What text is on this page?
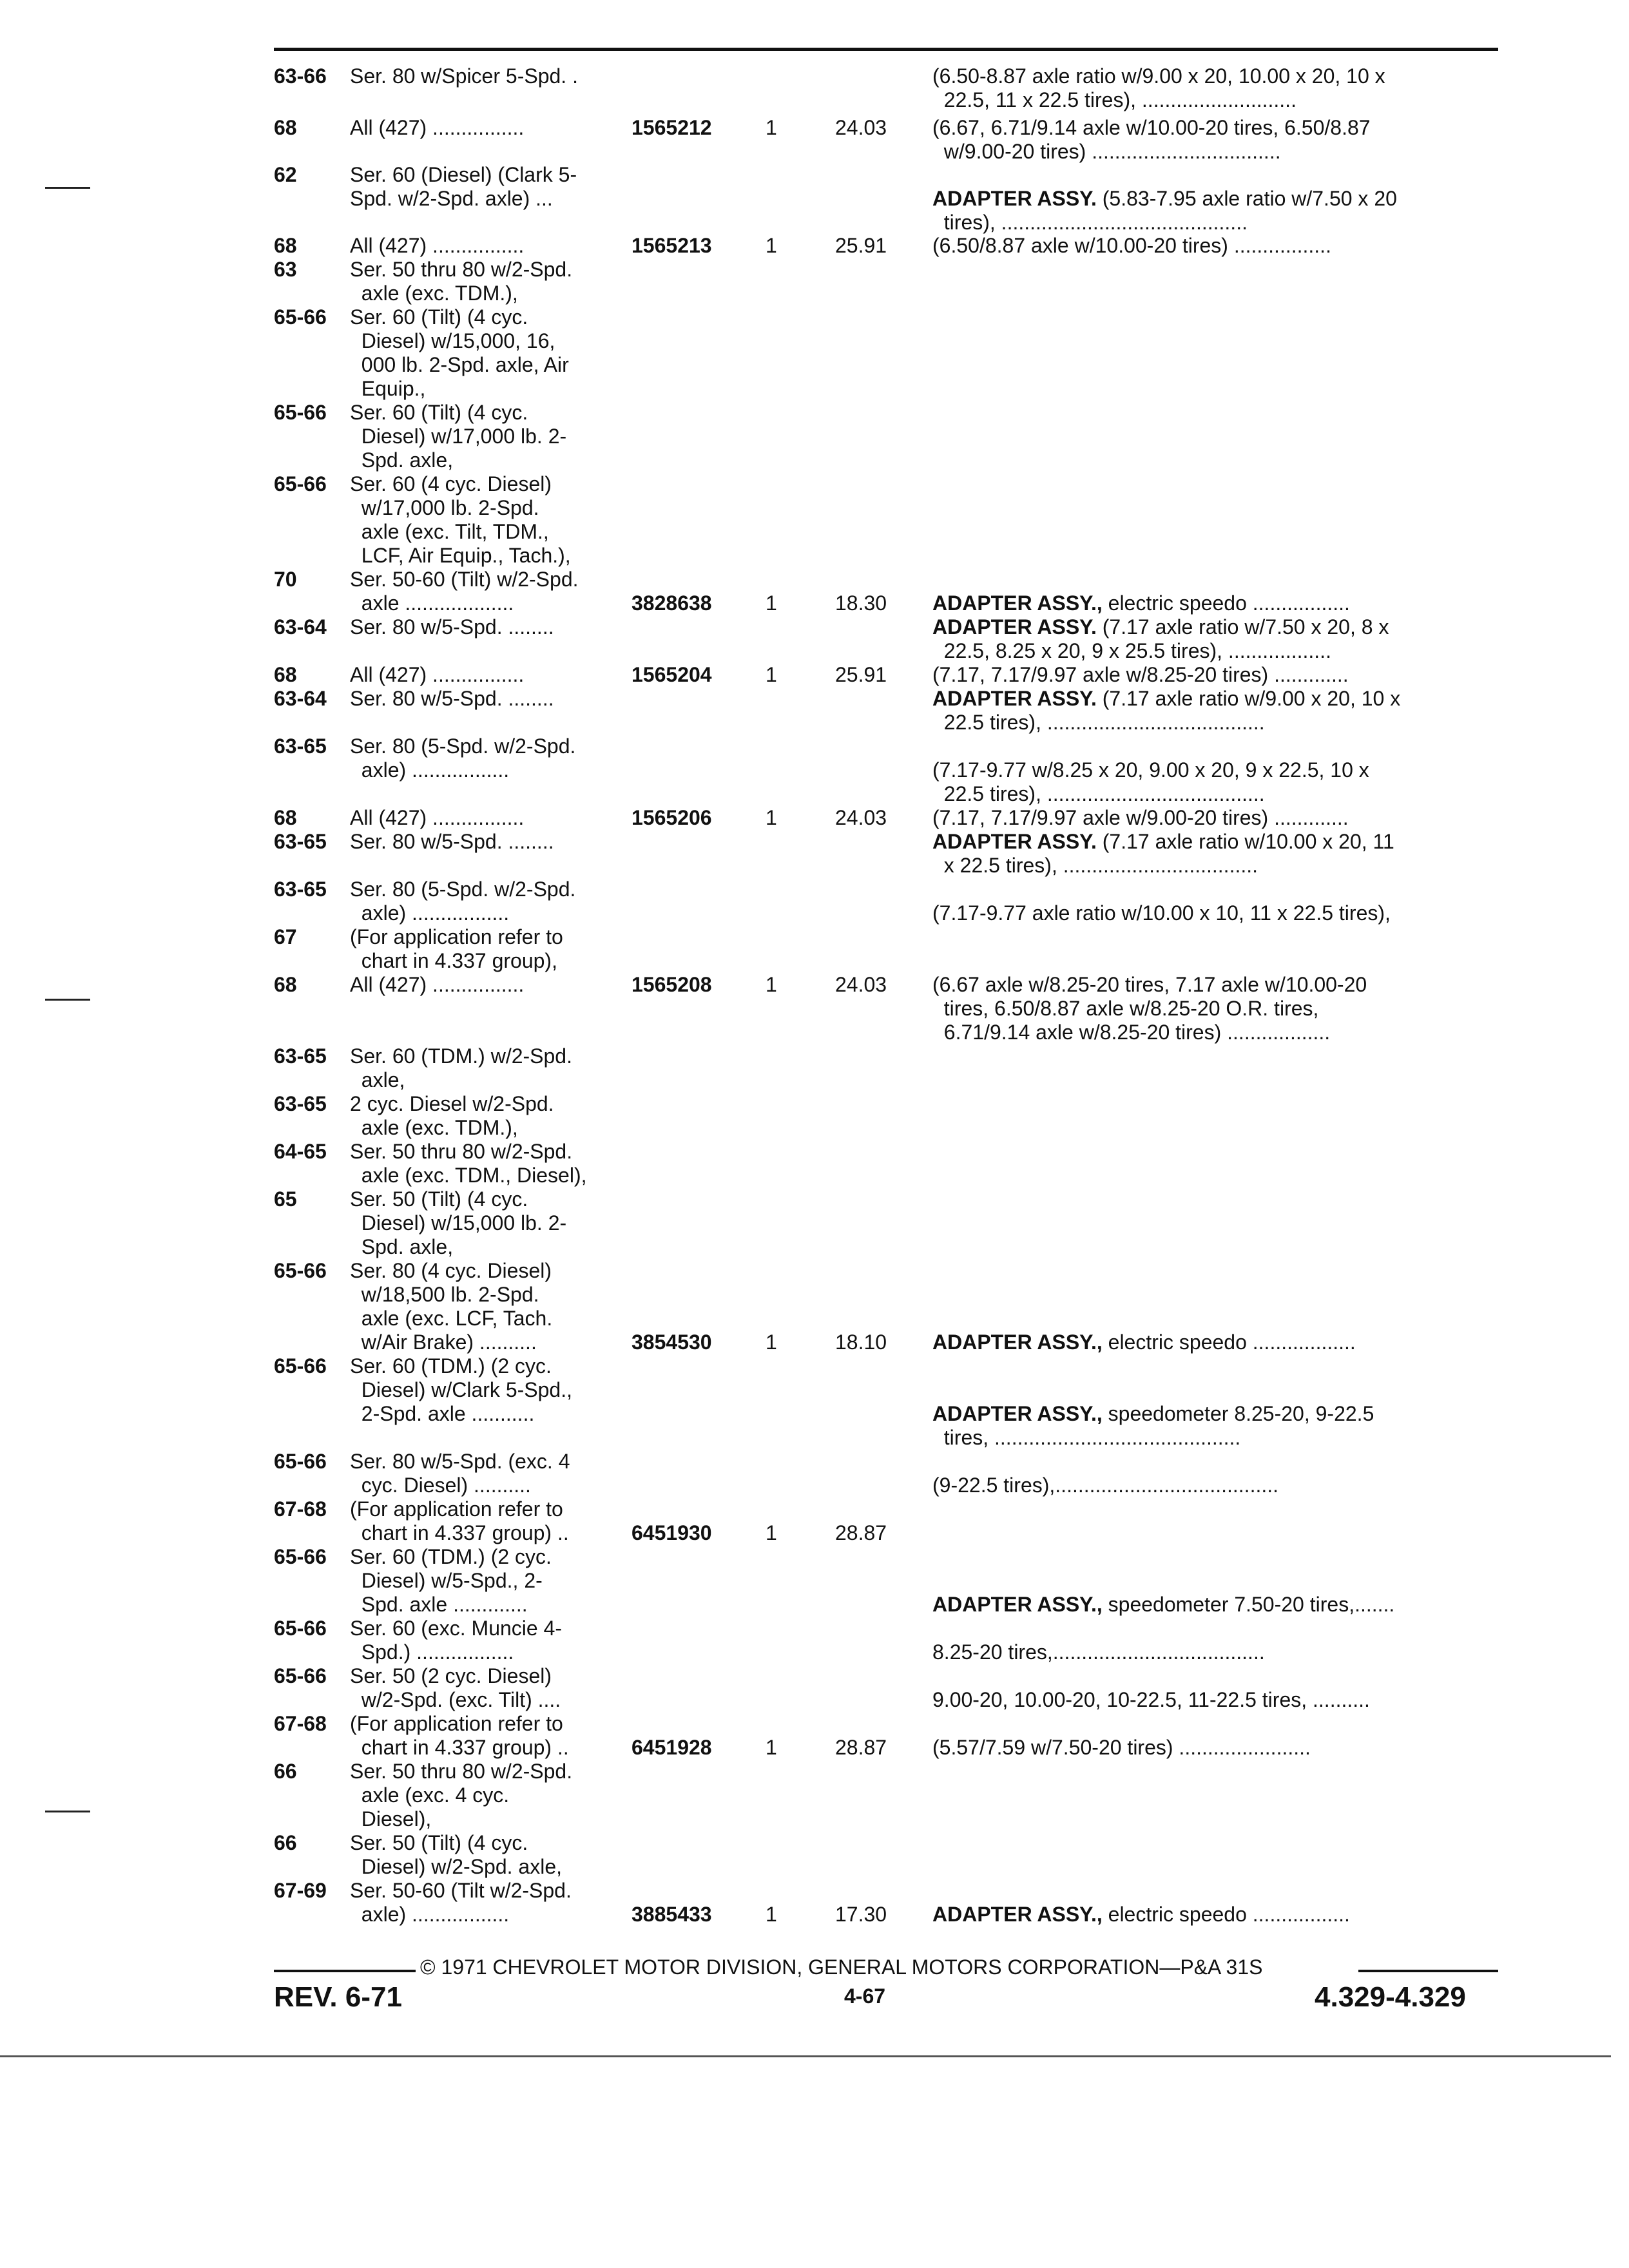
63-66 Ser. 80 w/Spicer 5-Spd. .	(6.50-8.87 axle ratio w/9.00 x 20, 10.00 x 20, 10 x
22.5, 11 x 22.5 tires), ...........................
68	All (427) ................	1565212	1	24.03 (6.67, 6.71/9.14 axle w/10.00-20 tires, 6.50/8.87
w/9.00-20 tires) .................................
62	Ser. 60 (Diesel) (Clark 5-
Spd. w/2-Spd. axle) ...	ADAPTER ASSY. (5.83-7.95 axle ratio w/7.50 x 20
tires), ...........................................
68	All (427) ................	1565213	1	25.91 (6.50/8.87 axle w/10.00-20 tires) .................
63	Ser. 50 thru 80 w/2-Spd.
axle (exc. TDM.),
65-66 Ser. 60 (Tilt) (4 cyc.
Diesel) w/15,000, 16,
000 lb. 2-Spd. axle, Air
Equip.,
65-66 Ser. 60 (Tilt) (4 cyc.
Diesel) w/17,000 lb. 2-
Spd. axle,
65-66 Ser. 60 (4 cyc. Diesel)
w/17,000 lb. 2-Spd.
axle (exc. Tilt, TDM.,
LCF, Air Equip., Tach.),
70	Ser. 50-60 (Tilt) w/2-Spd.
axle ...................	3828638	1	18.30 ADAPTER ASSY., electric speedo .................
63-64 Ser. 80 w/5-Spd. ........	ADAPTER ASSY. (7.17 axle ratio w/7.50 x 20, 8 x
22.5, 8.25 x 20, 9 x 25.5 tires), ..................
68	All (427) ................	1565204	1	25.91 (7.17, 7.17/9.97 axle w/8.25-20 tires) .............
63-64 Ser. 80 w/5-Spd. ........	ADAPTER ASSY. (7.17 axle ratio w/9.00 x 20, 10 x
22.5 tires), ......................................
63-65 Ser. 80 (5-Spd. w/2-Spd.
axle) .................	(7.17-9.77 w/8.25 x 20, 9.00 x 20, 9 x 22.5, 10 x
22.5 tires), ......................................
68	All (427) ................	1565206	1	24.03 (7.17, 7.17/9.97 axle w/9.00-20 tires) .............
63-65 Ser. 80 w/5-Spd. ........	ADAPTER ASSY. (7.17 axle ratio w/10.00 x 20, 11
x 22.5 tires), ..................................
63-65 Ser. 80 (5-Spd. w/2-Spd.
axle) .................	(7.17-9.77 axle ratio w/10.00 x 10, 11 x 22.5 tires),
67	(For application refer to
chart in 4.337 group),
68	All (427) ................	1565208	1	24.03 (6.67 axle w/8.25-20 tires, 7.17 axle w/10.00-20
tires, 6.50/8.87 axle w/8.25-20 O.R. tires,
6.71/9.14 axle w/8.25-20 tires) ..................
63-65 Ser. 60 (TDM.) w/2-Spd.
axle,
63-65 2 cyc. Diesel w/2-Spd.
axle (exc. TDM.),
64-65 Ser. 50 thru 80 w/2-Spd.
axle (exc. TDM., Diesel),
65	Ser. 50 (Tilt) (4 cyc.
Diesel) w/15,000 lb. 2-
Spd. axle,
65-66 Ser. 80 (4 cyc. Diesel)
w/18,500 lb. 2-Spd.
axle (exc. LCF, Tach.
w/Air Brake) ..........	3854530	1	18.10 ADAPTER ASSY., electric speedo ..................
65-66 Ser. 60 (TDM.) (2 cyc.
Diesel) w/Clark 5-Spd.,
2-Spd. axle ...........	ADAPTER ASSY., speedometer 8.25-20, 9-22.5
tires, ...........................................
65-66 Ser. 80 w/5-Spd. (exc. 4
cyc. Diesel) ..........	(9-22.5 tires),.......................................
67-68 (For application refer to
chart in 4.337 group) ..	6451930	1	28.87
65-66 Ser. 60 (TDM.) (2 cyc.
Diesel) w/5-Spd., 2-
Spd. axle .............	ADAPTER ASSY., speedometer 7.50-20 tires,.......
65-66 Ser. 60 (exc. Muncie 4-
Spd.) .................	8.25-20 tires,.....................................
65-66 Ser. 50 (2 cyc. Diesel)
w/2-Spd. (exc. Tilt) ....	9.00-20, 10.00-20, 10-22.5, 11-22.5 tires, ..........
67-68 (For application refer to
chart in 4.337 group) ..	6451928	1	28.87 (5.57/7.59 w/7.50-20 tires) .......................
66	Ser. 50 thru 80 w/2-Spd.
axle (exc. 4 cyc.
Diesel),
66	Ser. 50 (Tilt) (4 cyc.
Diesel) w/2-Spd. axle,
67-69 Ser. 50-60 (Tilt w/2-Spd.
axle) .................	3885433	1	17.30 ADAPTER ASSY., electric speedo .................
© 1971 CHEVROLET MOTOR DIVISION, GENERAL MOTORS CORPORATION—P&A 31S
REV. 6-71	4-67	4.329-4.329
